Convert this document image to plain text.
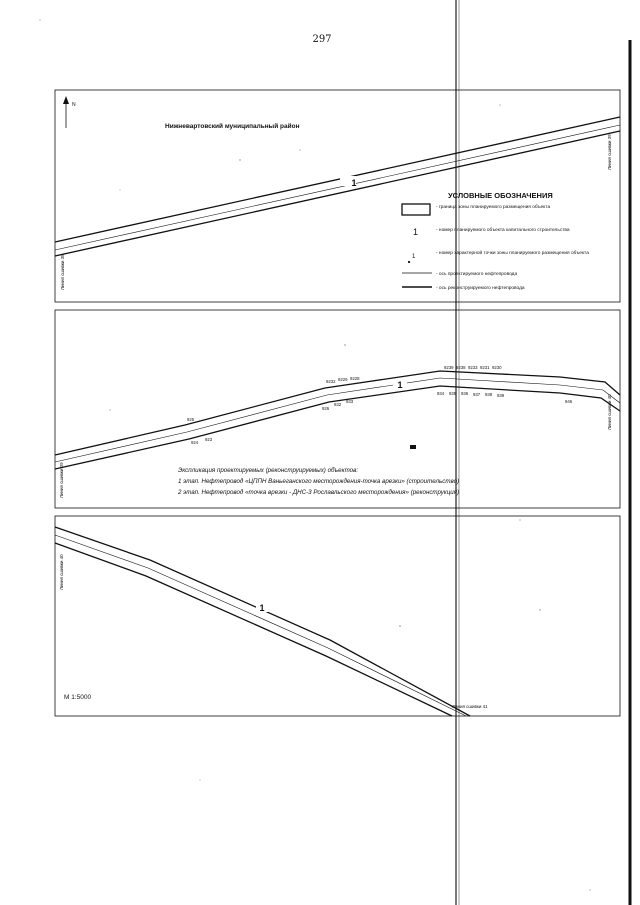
297
N
Нижневартовский муниципальный район
Линия сшивки 38
Линия сшивки 39
1
УСЛОВНЫЕ ОБОЗНАЧЕНИЯ
- граница зоны планируемого размещения объекта
1	- номер планируемого объекта капитального строительства
1
- номер характерной точки зоны планируемого размещения объекта
- ось проектируемого нефтепровода
- ось реконструируемого нефтепровода
Линия сшивки 39
Линия сшивки 40
1
9239 9238 9233 9231 9230
9232 9229 9228
925
924
923
926
932
933
934 935 936 937 938 939
946
Экспликация проектируемых (реконструируемых) объектов:
1 этап. Нефтепровод «ЦППН Ваньеганского месторождения-точка врезки» (строительство)
2 этап. Нефтепровод «точка врезки - ДНС-3 Рославльского месторождения» (реконструкция)
Линия сшивки 40
Линия сшивки 41
1
М 1:5000
